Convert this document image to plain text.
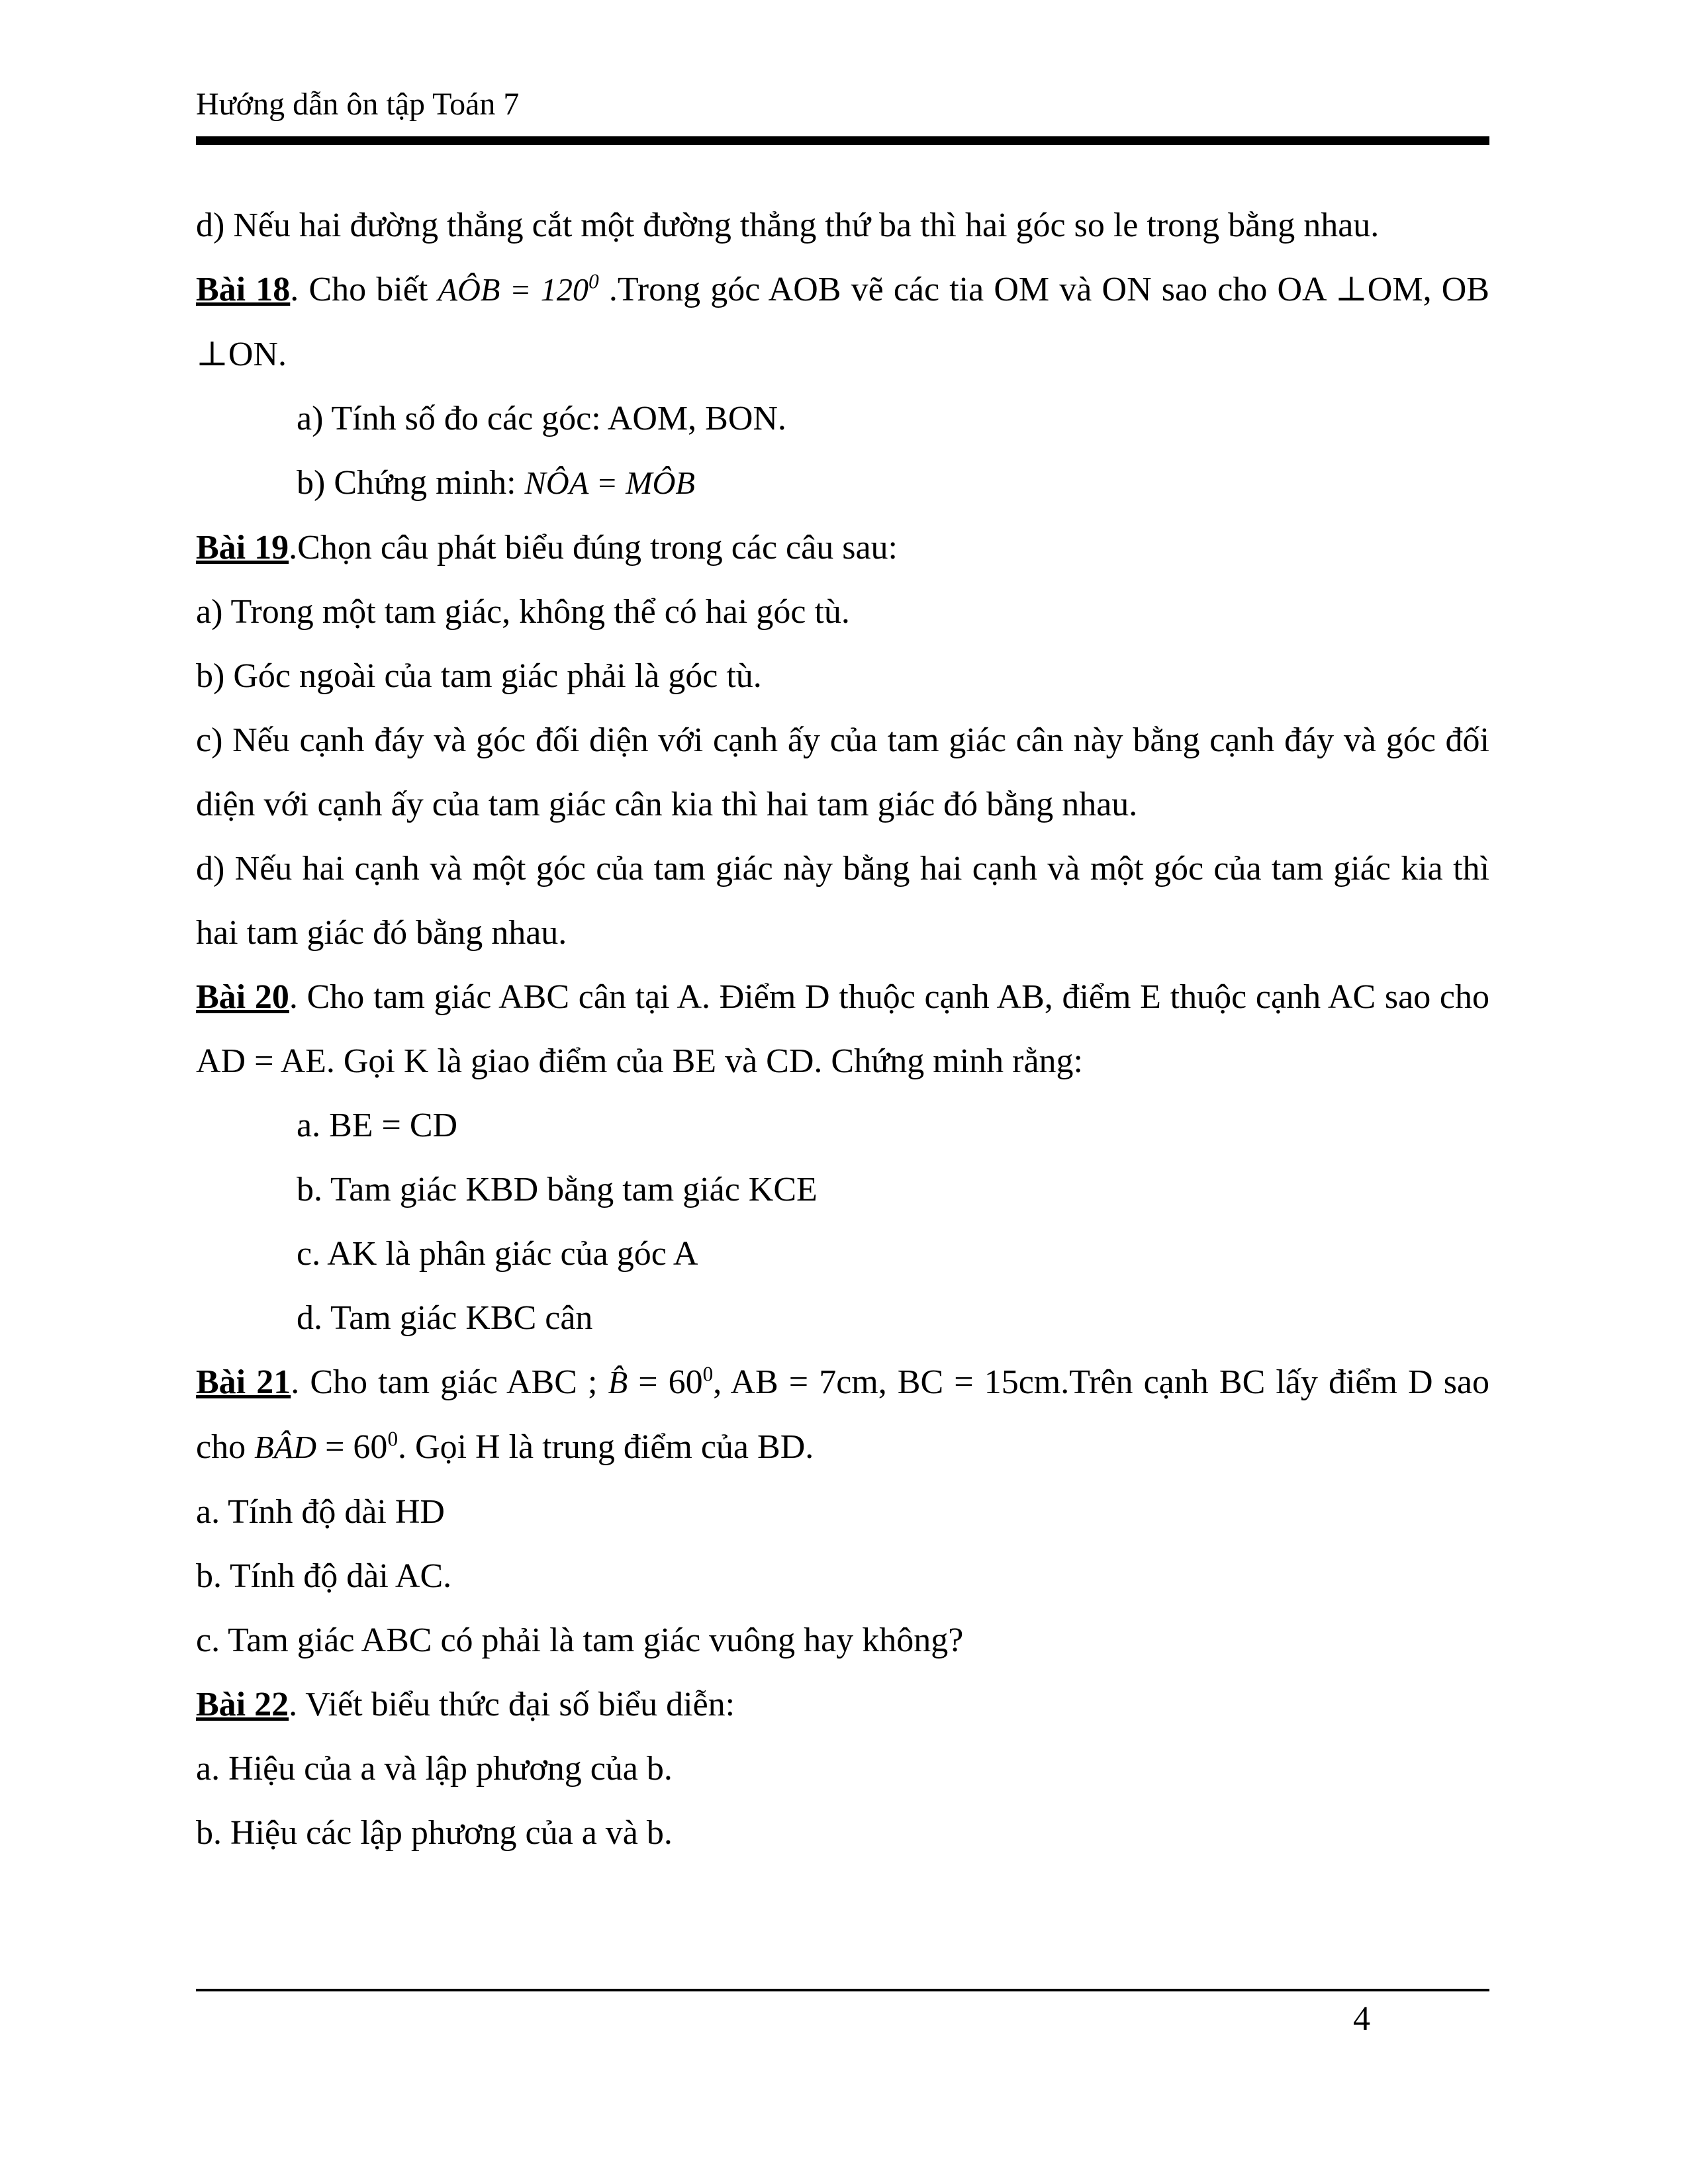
Hướng dẫn ôn tập Toán 7

d) Nếu hai đường thẳng cắt một đường thẳng thứ ba thì hai góc so le trong bằng nhau.

Bài 18. Cho biết AÔB = $120^0$ .Trong góc AOB vẽ các tia OM và ON sao cho OA ⊥OM, OB ⊥ON.

a) Tính số đo các góc: AOM, BON.

b) Chứng minh: NÔA = MÔB

Bài 19.Chọn câu phát biểu đúng trong các câu sau:

a) Trong một tam giác, không thể có hai góc tù.

b) Góc ngoài của tam giác phải là góc tù.

c) Nếu cạnh đáy và góc đối diện với cạnh ấy của tam giác cân này bằng cạnh đáy và góc đối diện với cạnh ấy của tam giác cân kia thì hai tam giác đó bằng nhau.

d) Nếu hai cạnh và một góc của tam giác này bằng hai cạnh và một góc của tam giác kia thì hai tam giác đó bằng nhau.

Bài 20. Cho tam giác ABC cân tại A. Điểm D thuộc cạnh AB, điểm E thuộc cạnh AC sao cho AD = AE. Gọi K là giao điểm của BE và CD. Chứng minh rằng:

a. BE = CD

b. Tam giác KBD bằng tam giác KCE

c. AK là phân giác của góc A

d. Tam giác KBC cân

Bài 21. Cho tam giác ABC ; B̂ = $60^0$, AB = 7cm, BC = 15cm.Trên cạnh BC lấy điểm D sao cho BÂD = $60^0$. Gọi H là trung điểm của BD.

a. Tính độ dài HD

b. Tính độ dài AC.

c. Tam giác ABC có phải là tam giác vuông hay không?

Bài 22. Viết biểu thức đại số biểu diễn:

a. Hiệu của a và lập phương của b.

b. Hiệu các lập phương của a và b.

4
